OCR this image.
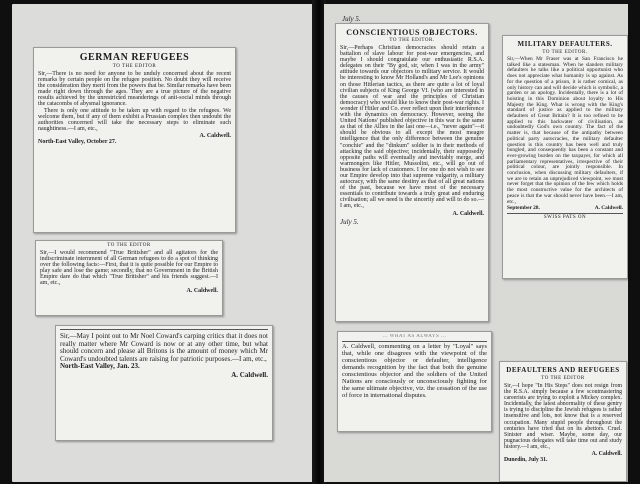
GERMAN REFUGEES
TO THE EDITOR
Sir,—There is no need for anyone to be unduly concerned about the recent remarks by certain people on the refugee position. No doubt they will receive the consideration they merit from the powers that be. Similar remarks have been made right down through the ages. They are a true picture of the negative results achieved by the unrestricted meanderings of anti-social minds through the catacombs of abysmal ignorance.
There is only one attitude to be taken up with regard to the refugees. We welcome them, but if any of them exhibit a Prussian complex then undoubt the authorities concerned will take the necessary steps to eliminate such naughtiness.—I am, etc.,
A. Caldwell.
North-East Valley, October 27.
TO THE EDITOR
Sir,—I would recommend "True Britisher" and all agitators for the indiscriminate internment of all German refugees to do a spot of thinking over the following facts:—First, that it is quite possible for our Empire to play safe and lose the game; secondly, that no Government in the British Empire dare do that which "True Britisher" and his friends suggest.—I am, etc.,
A. Caldwell.
Sir,—May I point out to Mr Noel Coward's carping critics that it does not really matter where Mr Coward is now or at any other time, but what should concern and please all Britons is the amount of money which Mr Coward's undoubted talents are raising for patriotic purposes.—I am, etc.,
North-East Valley, Jan. 23.
A. Caldwell.
July 5.
CONSCIENTIOUS OBJECTORS.
TO THE EDITOR.
Sir,—Perhaps Christian democracies should retain a battalion of slave labour for post-war emergencies, and maybe I should congratulate our enthusiastic R.S.A. delegates on their "By god, sir, when I was in the army" attitude towards our objectors to military service. It would be interesting to know Mr Holland's and Mr Lee's opinions on those Hitlerian tactics, as there are quite a lot of loyal civilian subjects of King George VI. (who are interested in the causes of war and the principles of Christian democracy) who would like to know their post-war rights. I wonder if Hitler and Co. ever reflect upon their interference with the dynamics on democracy. However, seeing the United Nations' published objective in this war is the same as that of the Allies in the last one—i.e., "never again"—it should be obvious to all except the most meagre intelligence that the only difference between the genuine "conchie" and the "dinkum" soldier is in their methods of attacking the said objective; incidentally, their supposedly opposite paths will eventually and inevitably merge, and warmongers like Hitler, Mussolini, etc., will go out of business for lack of customers. I for one do not wish to see our Empire develop into that supreme vulgarity, a military autocracy, with the same destiny as that of all great nations of the past, because we have most of the necessary essentials to contribute towards a truly great and enduring civilisation; all we need is the sincerity and will to do so.—I am, etc.,
A. Caldwell.
July 5.
MILITARY DEFAULTERS.
TO THE EDITOR.
Sir,—When Mr Fraser was at San Francisco he talked like a statesman. When he slanders military defaulters he talks like a political opportunist who does not appreciate what humanity is up against. As for the question of a prison, it is rather comical, as only history can and will decide which is symbolic, a garden or an apology. Incidentally, there is a lot of hoisting in this Dominion about loyalty to His Majesty the King. What is wrong with the King's standard of justice as applied to the military defaulters of Great Britain? It is too refined to be applied to this backwater of civilisation, as undoubtedly God's own country. The fact of the matter is, that because of the antipathy between political party autocracies, the military defaulter question is this country has been well and truly bungled, and consequently has been a constant and ever-growing burden on the taxpayer, for which all parliamentary representatives, irrespective of their political colour, are jointly responsible. In conclusion, when discussing military defaulters, if we are to retain an unprejudiced viewpoint, we must never forget that the opinion of the few which holds the most constructive value for the architects of peace is that the war should never have been.—I am, etc.,
September 28.	A. Caldwell.
SWISS PATS ON
... WHAT AS ALWAYS ...
A. Caldwell, commenting on a letter by "Loyal" says that, while one disagrees with the viewpoint of the conscientious objector or defaulter, intelligence demands recognition by the fact that both the genuine conscientious objector and the soldiers of the United Nations are consciously or unconsciously fighting for the same ultimate objective, viz. the cessation of the use of force in international disputes.
DEFAULTERS AND REFUGEES
TO THE EDITOR
Sir,—I hope "In His Steps" does not resign from the R.S.A. simply because a few scoutmastering careerists are trying to exploit a Mickey complex. Incidentally, the latest abnormality of these gentry is trying to discipline the Jewish refugees is rather insensitive and lots, not know that is a reserved occupation. Many stupid people throughout the centuries have tried that on its abettors. Cruel. Sinister and wiser. Maybe, some day, our pugnacious delegates will take time out and study history.—I am, etc.,
A. Caldwell.
Dunedin, July 31.
